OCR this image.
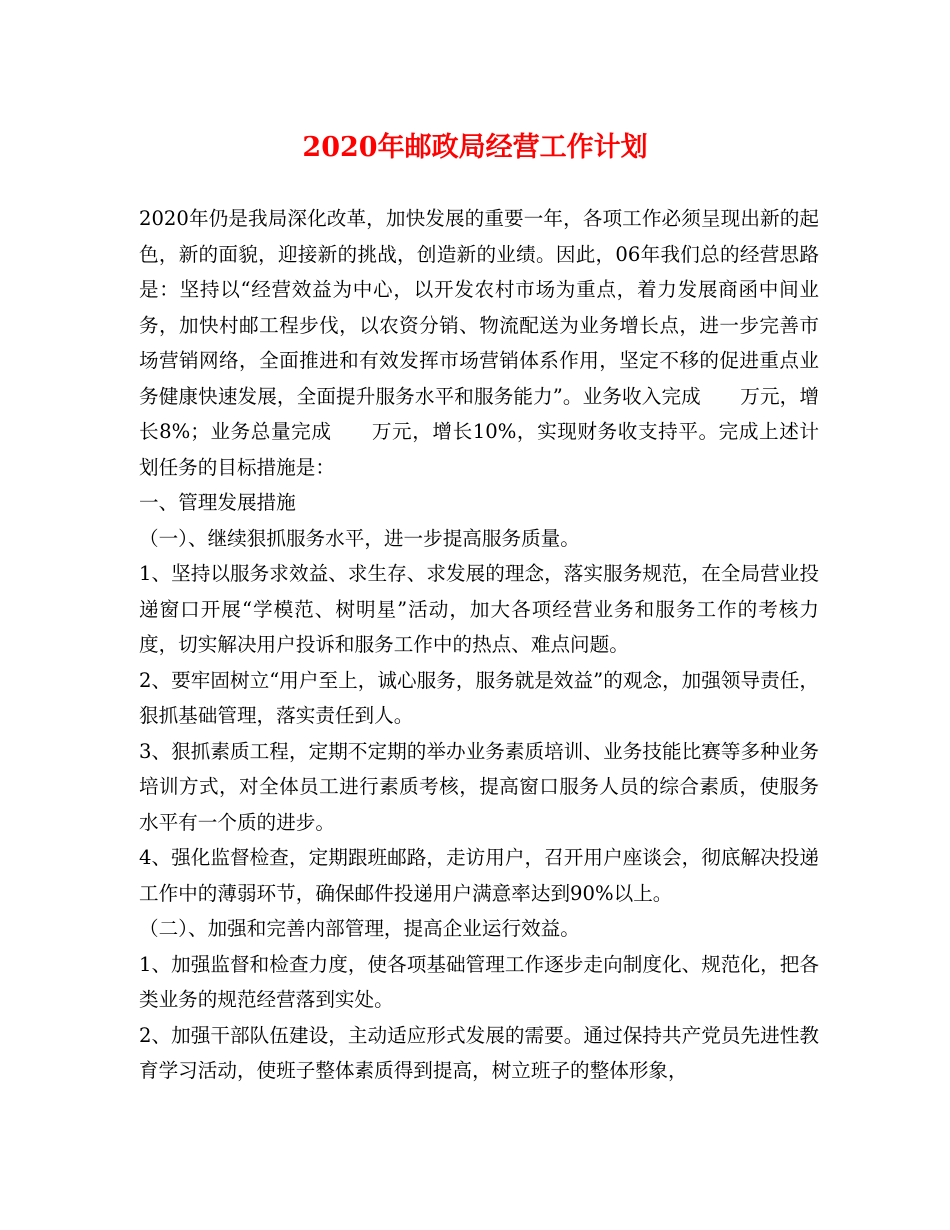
2020年邮政局经营工作计划

2020年仍是我局深化改革，加快发展的重要一年，各项工作必须呈现出新的起色，新的面貌，迎接新的挑战，创造新的业绩。因此，06年我们总的经营思路是：坚持以“经营效益为中心，以开发农村市场为重点，着力发展商函中间业务，加快村邮工程步伐，以农资分销、物流配送为业务增长点，进一步完善市场营销网络，全面推进和有效发挥市场营销体系作用，坚定不移的促进重点业务健康快速发展，全面提升服务水平和服务能力”。业务收入完成　　万元，增长8%；业务总量完成　　万元，增长10%，实现财务收支持平。完成上述计划任务的目标措施是：

一、管理发展措施

（一）、继续狠抓服务水平，进一步提高服务质量。

1、坚持以服务求效益、求生存、求发展的理念，落实服务规范，在全局营业投递窗口开展“学模范、树明星”活动，加大各项经营业务和服务工作的考核力度，切实解决用户投诉和服务工作中的热点、难点问题。

2、要牢固树立“用户至上，诚心服务，服务就是效益”的观念，加强领导责任，狠抓基础管理，落实责任到人。

3、狠抓素质工程，定期不定期的举办业务素质培训、业务技能比赛等多种业务培训方式，对全体员工进行素质考核，提高窗口服务人员的综合素质，使服务水平有一个质的进步。

4、强化监督检查，定期跟班邮路，走访用户，召开用户座谈会，彻底解决投递工作中的薄弱环节，确保邮件投递用户满意率达到90%以上。

（二）、加强和完善内部管理，提高企业运行效益。

1、加强监督和检查力度，使各项基础管理工作逐步走向制度化、规范化，把各类业务的规范经营落到实处。

2、加强干部队伍建设，主动适应形式发展的需要。通过保持共产党员先进性教育学习活动，使班子整体素质得到提高，树立班子的整体形象，
